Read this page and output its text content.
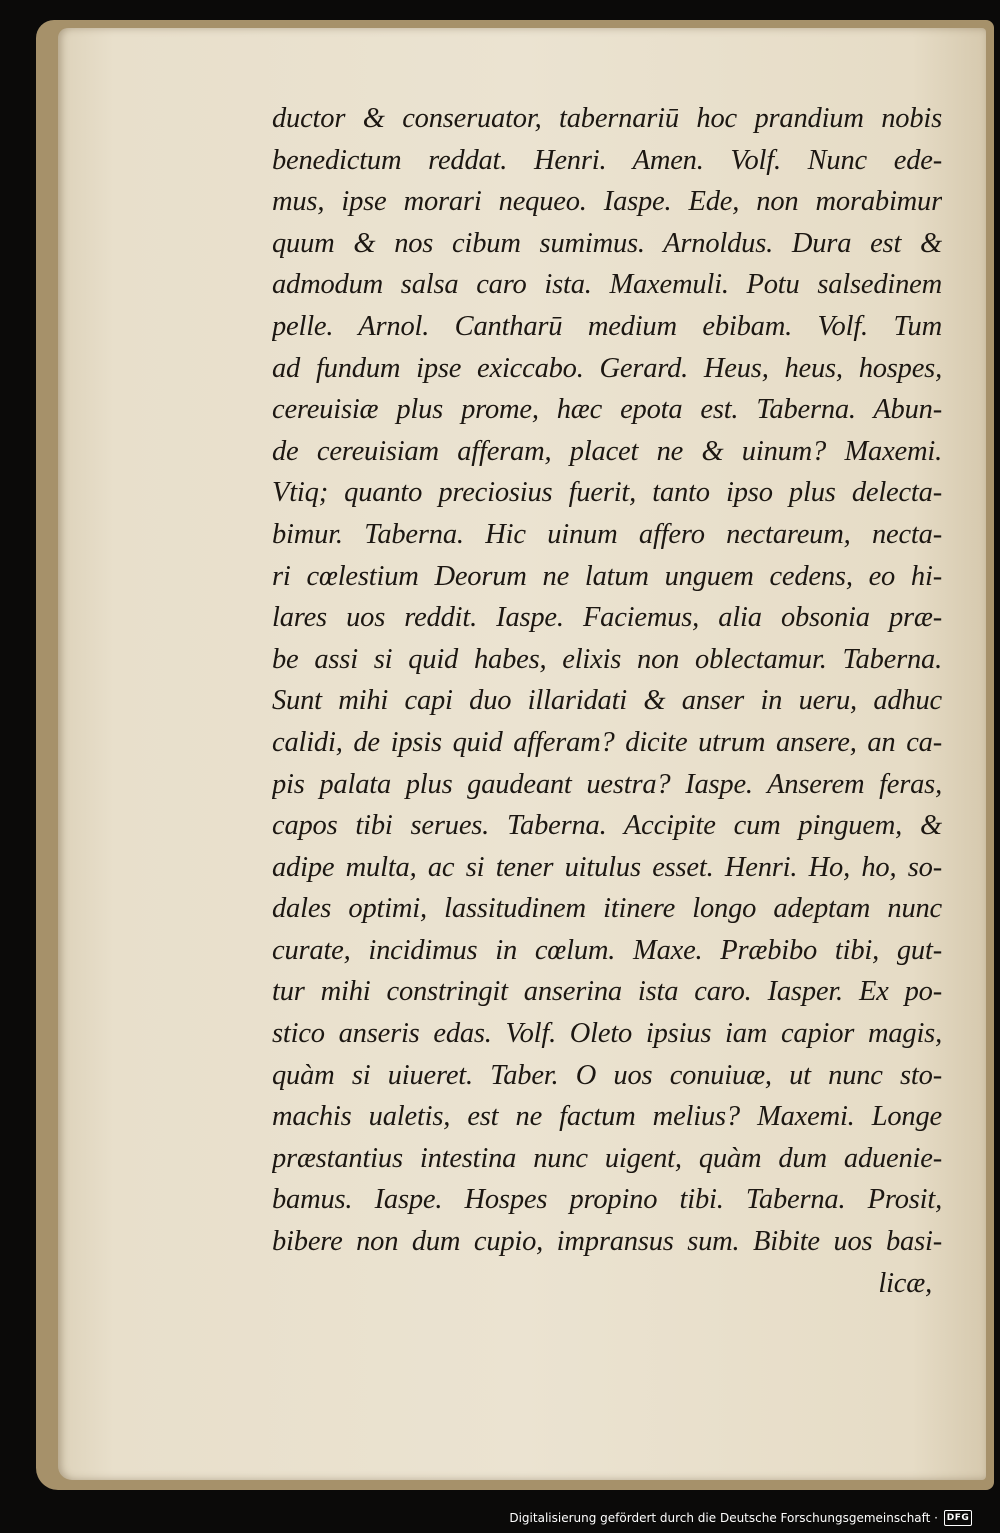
ductor & conseruator, tabernariū hoc prandium nobis
benedictum reddat. Henri. Amen. Volf. Nunc ede-
mus, ipse morari nequeo. Iaspe. Ede, non morabimur
quum & nos cibum sumimus. Arnoldus. Dura est &
admodum salsa caro ista. Maxemuli. Potu salsedinem
pelle. Arnol. Cantharū medium ebibam. Volf. Tum
ad fundum ipse exiccabo. Gerard. Heus, heus, hospes,
cereuisiæ plus prome, hæc epota est. Taberna. Abun-
de cereuisiam afferam, placet ne & uinum? Maxemi.
Vtiq; quanto preciosius fuerit, tanto ipso plus delecta-
bimur. Taberna. Hic uinum affero nectareum, necta-
ri cœlestium Deorum ne latum unguem cedens, eo hi-
lares uos reddit. Iaspe. Faciemus, alia obsonia præ-
be assi si quid habes, elixis non oblectamur. Taberna.
Sunt mihi capi duo illaridati & anser in ueru, adhuc
calidi, de ipsis quid afferam? dicite utrum ansere, an ca-
pis palata plus gaudeant uestra? Iaspe. Anserem feras,
capos tibi serues. Taberna. Accipite cum pinguem, &
adipe multa, ac si tener uitulus esset. Henri. Ho, ho, so-
dales optimi, lassitudinem itinere longo adeptam nunc
curate, incidimus in cœlum. Maxe. Præbibo tibi, gut-
tur mihi constringit anserina ista caro. Iasper. Ex po-
stico anseris edas. Volf. Oleto ipsius iam capior magis,
quàm si uiueret. Taber. O uos conuiuæ, ut nunc sto-
machis ualetis, est ne factum melius? Maxemi. Longe
præstantius intestina nunc uigent, quàm dum aduenie-
bamus. Iaspe. Hospes propino tibi. Taberna. Prosit,
bibere non dum cupio, impransus sum. Bibite uos basi-
licæ,
Digitalisierung gefördert durch die Deutsche Forschungsgemeinschaft · DFG
